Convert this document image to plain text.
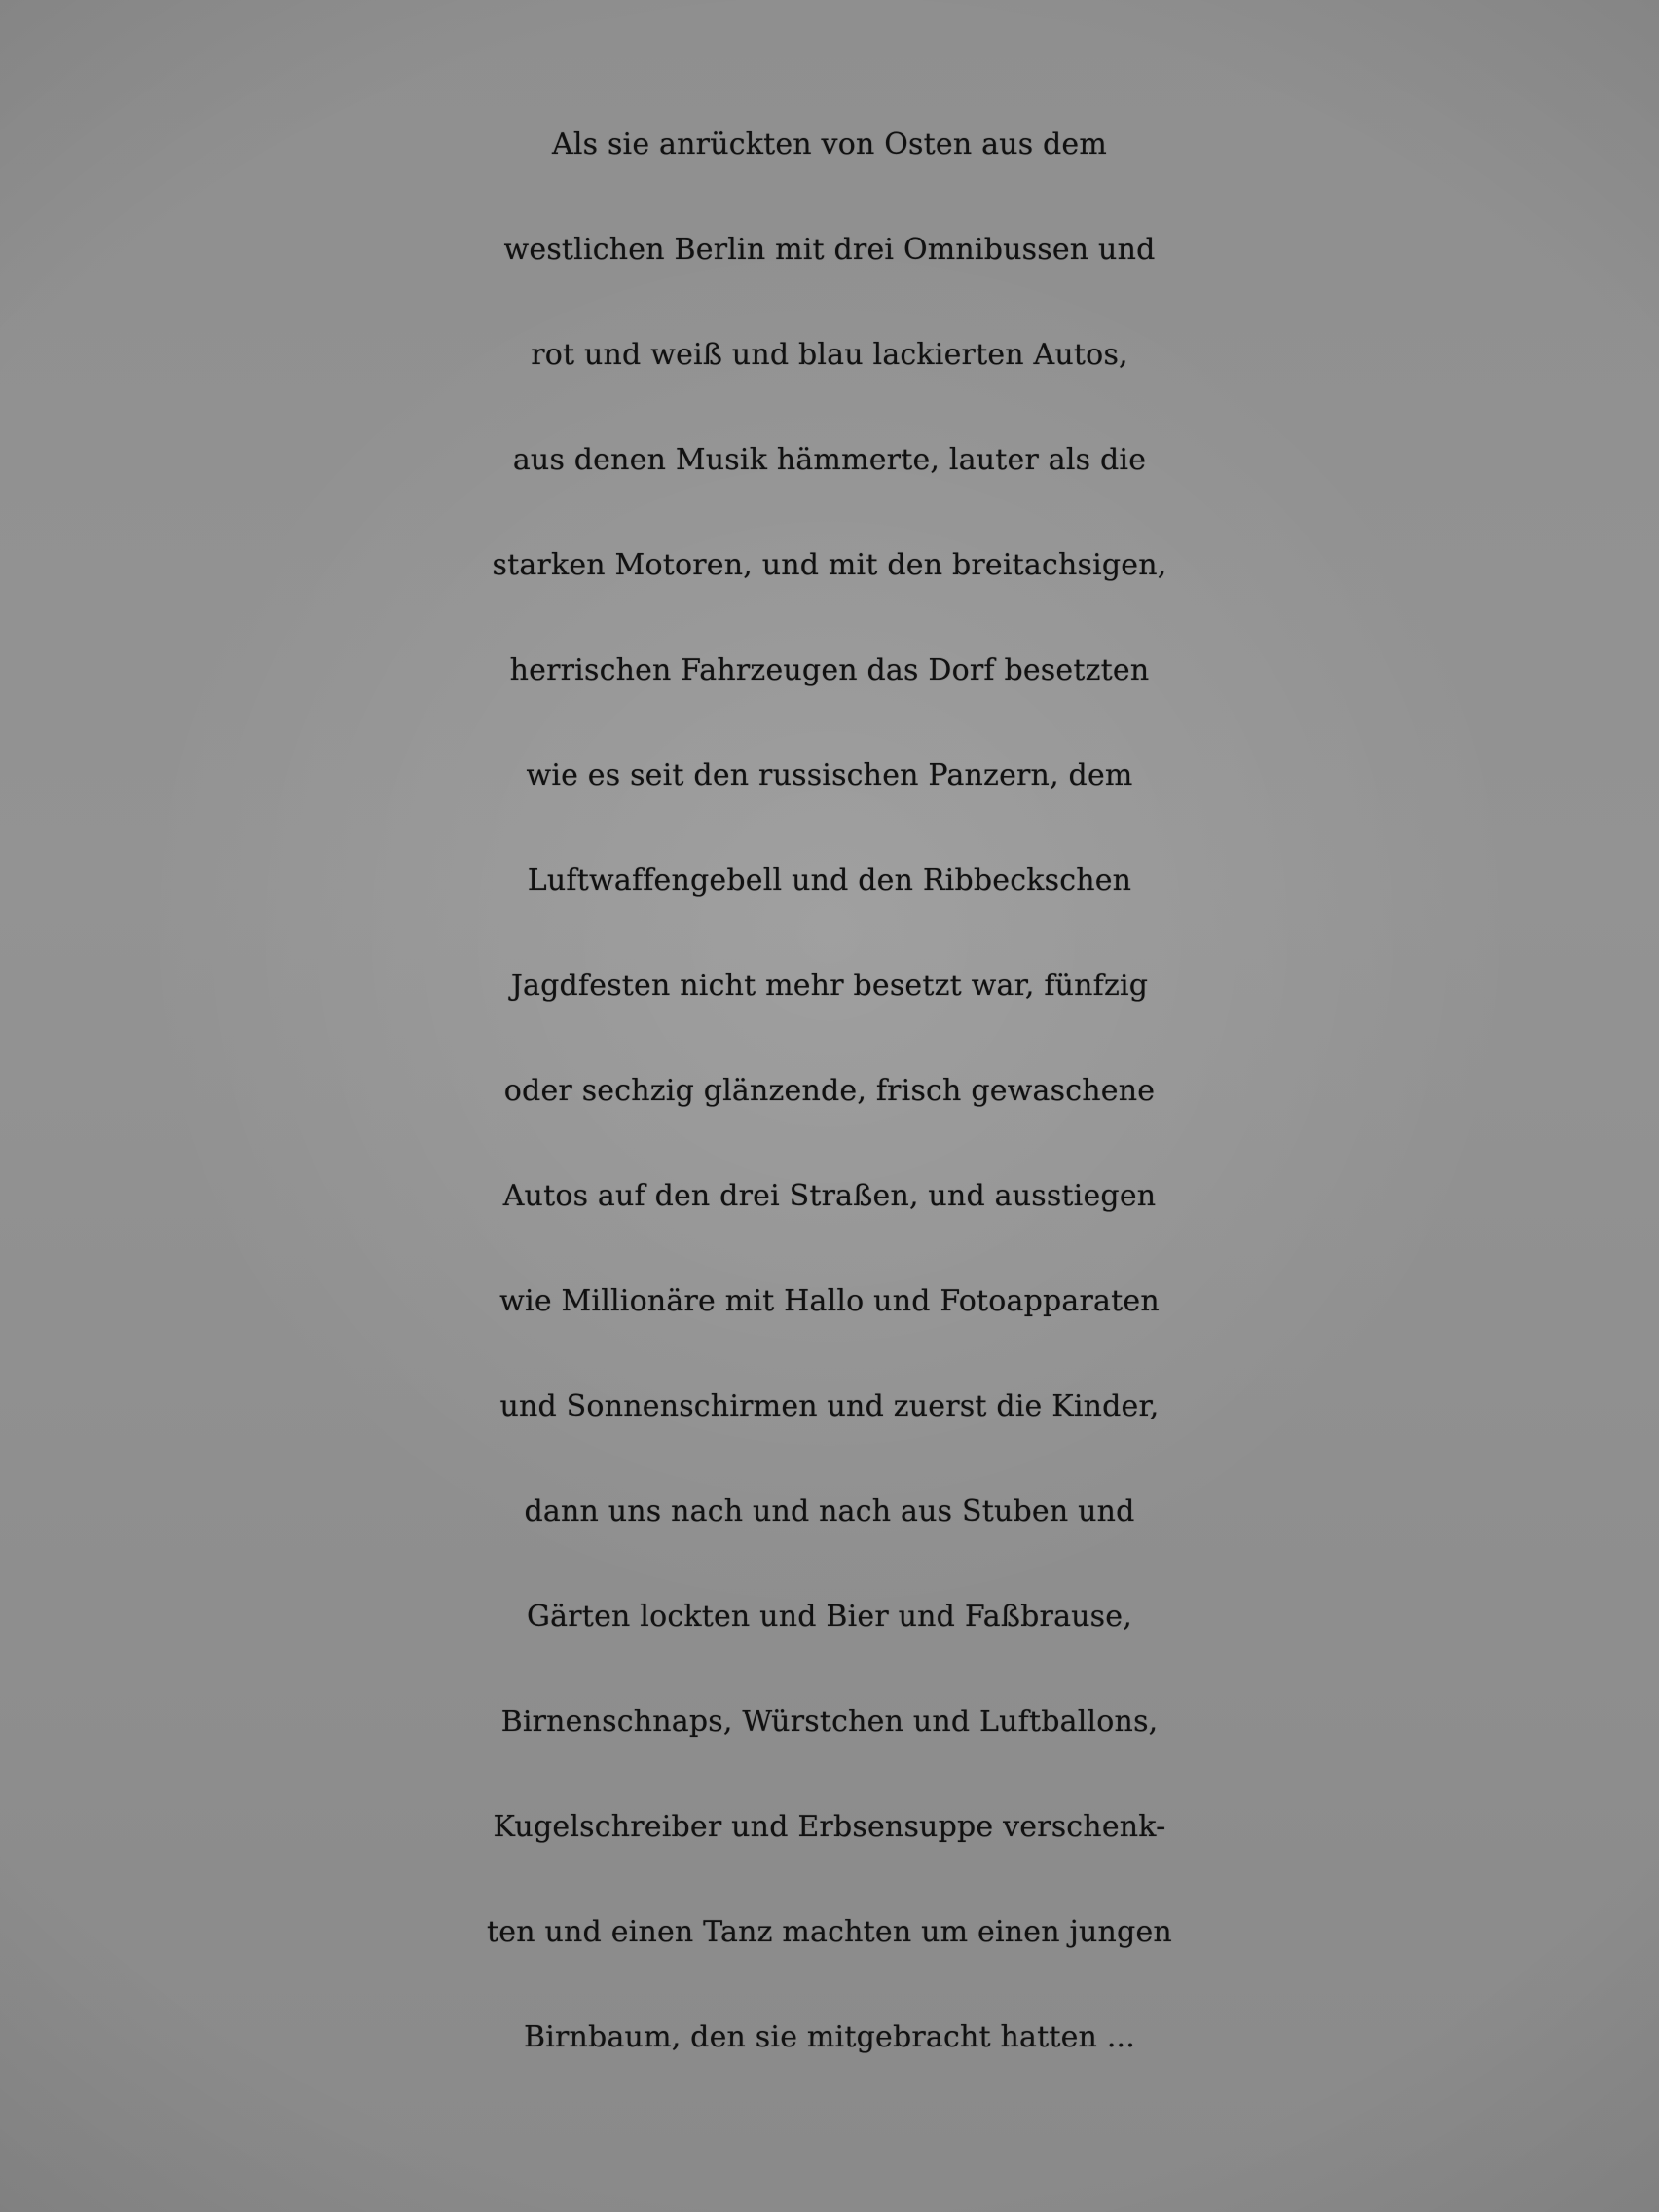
Als sie anrückten von Osten aus dem
westlichen Berlin mit drei Omnibussen und
rot und weiß und blau lackierten Autos,
aus denen Musik hämmerte, lauter als die
starken Motoren, und mit den breitachsigen,
herrischen Fahrzeugen das Dorf besetzten
wie es seit den russischen Panzern, dem
Luftwaffengebell und den Ribbeckschen
Jagdfesten nicht mehr besetzt war, fünfzig
oder sechzig glänzende, frisch gewaschene
Autos auf den drei Straßen, und ausstiegen
wie Millionäre mit Hallo und Fotoapparaten
und Sonnenschirmen und zuerst die Kinder,
dann uns nach und nach aus Stuben und
Gärten lockten und Bier und Faßbrause,
Birnenschnaps, Würstchen und Luftballons,
Kugelschreiber und Erbsensuppe verschenk-
ten und einen Tanz machten um einen jungen
Birnbaum, den sie mitgebracht hatten ...
